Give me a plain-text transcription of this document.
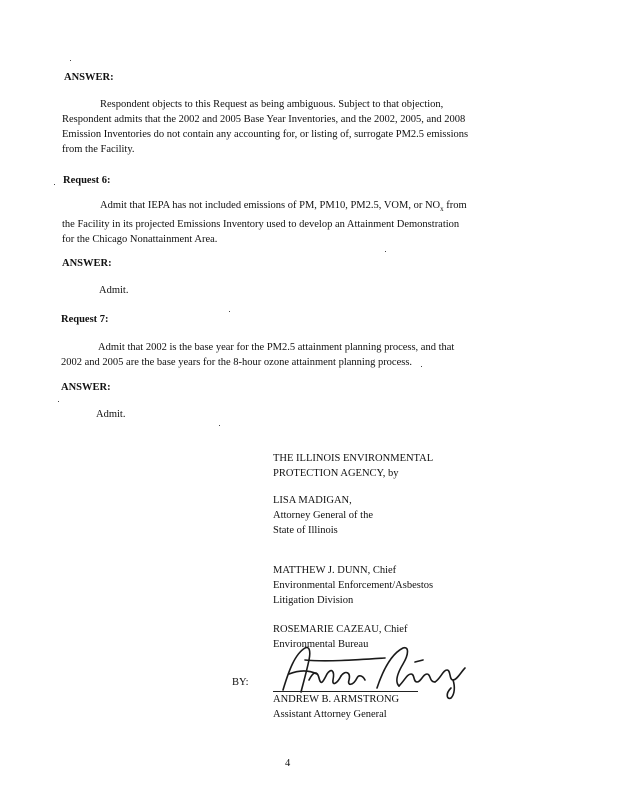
ANSWER:
Respondent objects to this Request as being ambiguous. Subject to that objection,
Respondent admits that the 2002 and 2005 Base Year Inventories, and the 2002, 2005, and 2008
Emission Inventories do not contain any accounting for, or listing of, surrogate PM2.5 emissions
from the Facility.
Request 6:
Admit that IEPA has not included emissions of PM, PM10, PM2.5, VOM, or $NO_x$ from
the Facility in its projected Emissions Inventory used to develop an Attainment Demonstration
for the Chicago Nonattainment Area.
ANSWER:
Admit.
Request 7:
Admit that 2002 is the base year for the PM2.5 attainment planning process, and that
2002 and 2005 are the base years for the 8-hour ozone attainment planning process.
ANSWER:
Admit.
THE ILLINOIS ENVIRONMENTAL
PROTECTION AGENCY, by
LISA MADIGAN,
Attorney General of the
State of Illinois
MATTHEW J. DUNN, Chief
Environmental Enforcement/Asbestos
Litigation Division
ROSEMARIE CAZEAU, Chief
Environmental Bureau
BY:
ANDREW B. ARMSTRONG
Assistant Attorney General
4
